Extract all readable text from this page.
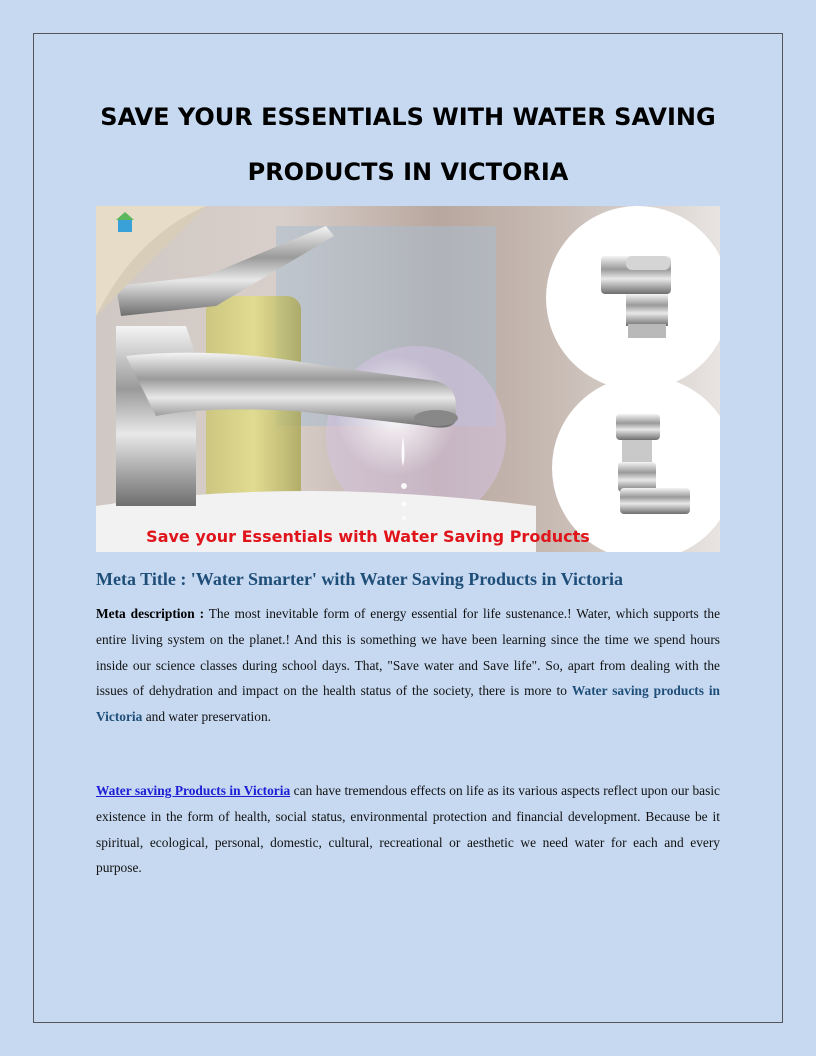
SAVE YOUR ESSENTIALS WITH WATER SAVING
PRODUCTS IN VICTORIA
Save your Essentials with Water Saving Products
Meta Title : 'Water Smarter' with Water Saving Products in Victoria
Meta description : The most inevitable form of energy essential for life sustenance.! Water, which supports the entire living system on the planet.! And this is something we have been learning since the time we spend hours inside our science classes during school days. That, "Save water and Save life". So, apart from dealing with the issues of dehydration and impact on the health status of the society, there is more to Water saving products in Victoria and water preservation.
Water saving Products in Victoria can have tremendous effects on life as its various aspects reflect upon our basic existence in the form of health, social status, environmental protection and financial development. Because be it spiritual, ecological, personal, domestic, cultural, recreational or aesthetic we need water for each and every purpose.
